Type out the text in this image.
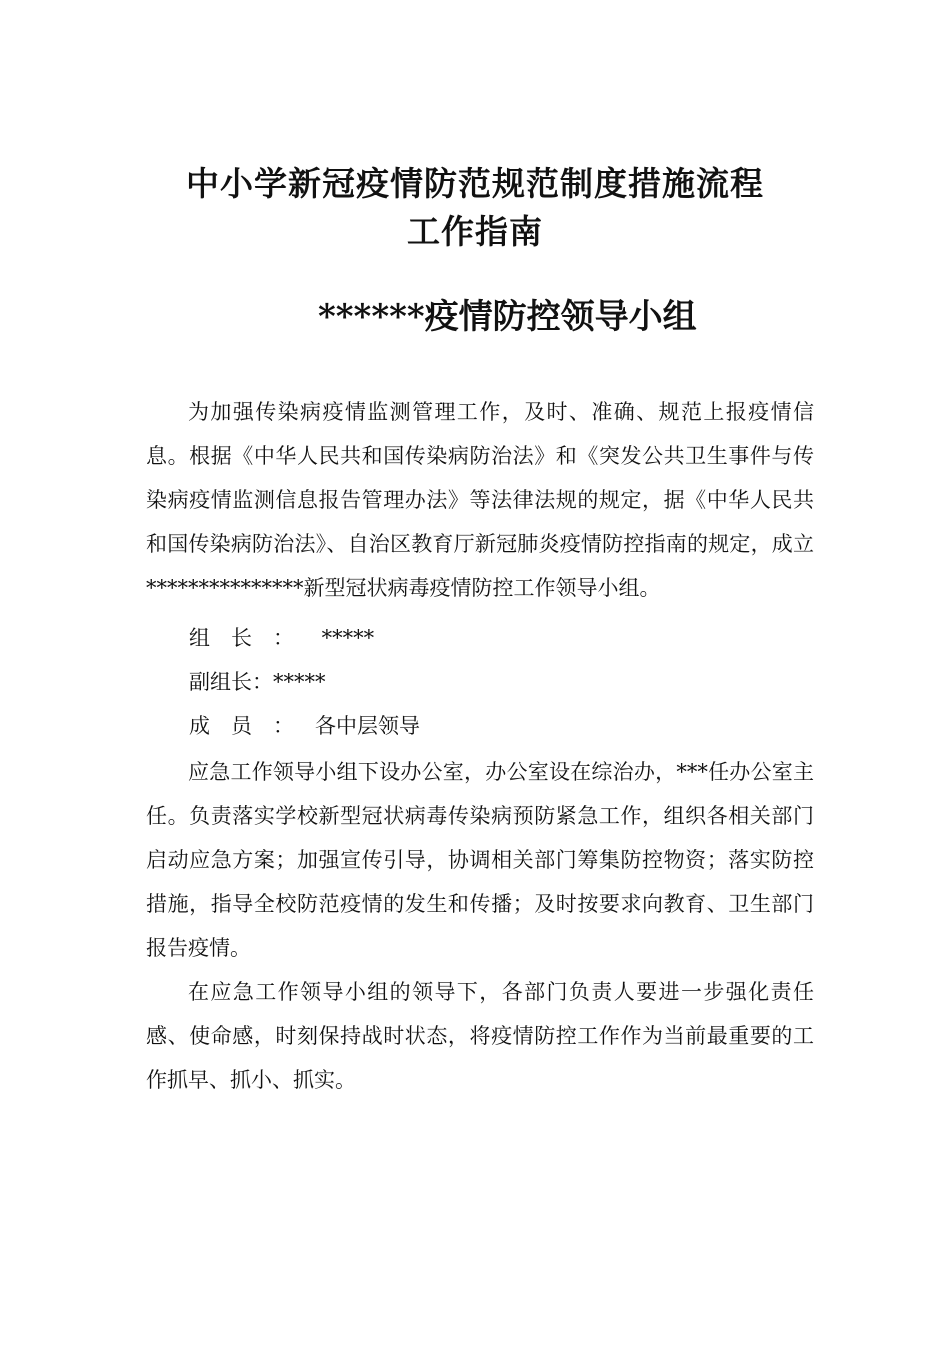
中小学新冠疫情防范规范制度措施流程
工作指南
******疫情防控领导小组

为加强传染病疫情监测管理工作，及时、准确、规范上报疫情信息。根据《中华人民共和国传染病防治法》和《突发公共卫生事件与传染病疫情监测信息报告管理办法》等法律法规的规定，据《中华人民共和国传染病防治法》、自治区教育厅新冠肺炎疫情防控指南的规定，成立***************新型冠状病毒疫情防控工作领导小组。

组长： *****

副组长：*****

成员：各中层领导

应急工作领导小组下设办公室，办公室设在综治办，***任办公室主任。负责落实学校新型冠状病毒传染病预防紧急工作，组织各相关部门启动应急方案；加强宣传引导，协调相关部门筹集防控物资；落实防控措施，指导全校防范疫情的发生和传播；及时按要求向教育、卫生部门报告疫情。

在应急工作领导小组的领导下，各部门负责人要进一步强化责任感、使命感，时刻保持战时状态，将疫情防控工作作为当前最重要的工作抓早、抓小、抓实。
